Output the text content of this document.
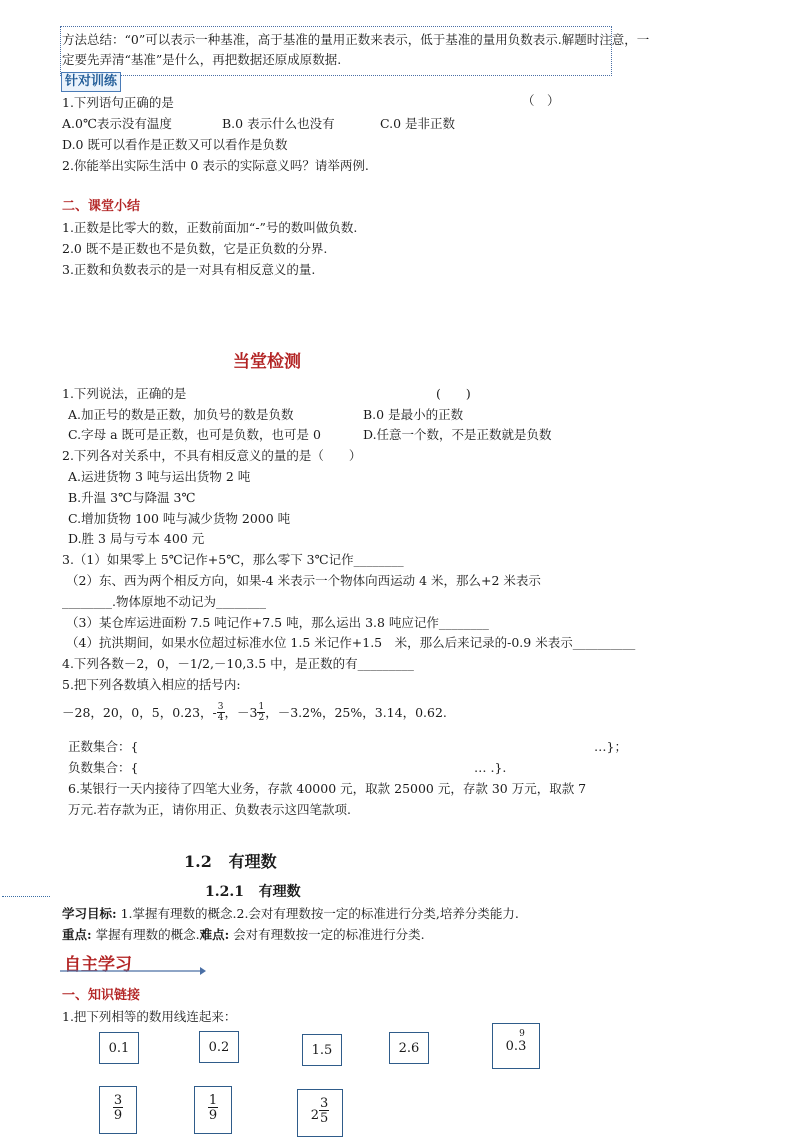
方法总结：“0”可以表示一种基准，高于基准的量用正数来表示，低于基准的量用负数表示.解题时注意，一
定要先弄清“基准”是什么，再把数据还原成原数据.
针对训练
1.下列语句正确的是	（　）
A.0℃表示没有温度	B.0 表示什么也没有	C.0 是非正数
D.0 既可以看作是正数又可以看作是负数
2.你能举出实际生活中 0 表示的实际意义吗？请举两例.
二、课堂小结
1.正数是比零大的数，正数前面加“-”号的数叫做负数.
2.0 既不是正数也不是负数，它是正负数的分界.
3.正数和负数表示的是一对具有相反意义的量.
当堂检测
1.下列说法，正确的是	(　　)
A.加正号的数是正数，加负号的数是负数	B.0 是最小的正数
C.字母 a 既可是正数，也可是负数，也可是 0	D.任意一个数，不是正数就是负数
2.下列各对关系中，不具有相反意义的量的是（　　）
A.运进货物 3 吨与运出货物 2 吨
B.升温 3℃与降温 3℃
C.增加货物 100 吨与减少货物 2000 吨
D.胜 3 局与亏本 400 元
3.（1）如果零上 5℃记作+5℃，那么零下 3℃记作________
（2）东、西为两个相反方向，如果-4 米表示一个物体向西运动 4 米，那么+2 米表示
________.物体原地不动记为________
（3）某仓库运进面粉 7.5 吨记作+7.5 吨，那么运出 3.8 吨应记作________
（4）抗洪期间，如果水位超过标准水位 1.5 米记作+1.5　米，那么后来记录的-0.9 米表示__________
4.下列各数－2，0，－1/2,－10,3.5 中，是正数的有_________
5.把下列各数填入相应的括号内:
－28，20，0，5，0.23，- $\frac{3}{4}$ ，$-3 \frac{1}{2}$ ，－3.2%，25%，3.14，0.62.
正数集合：{	…}；
负数集合：{	… .}.
6.某银行一天内接待了四笔大业务，存款 40000 元，取款 25000 元，存款 30 万元，取款 7
万元.若存款为正，请你用正、负数表示这四笔款项.
1.2 有理数
1.2.1 有理数
学习目标: 1.掌握有理数的概念.2.会对有理数按一定的标准进行分类,培养分类能力.
重点: 掌握有理数的概念.难点: 会对有理数按一定的标准进行分类.
自主学习
一、知识链接
1.把下列相等的数用线连起来：
0.1	0.2	1.5	2.6	0.
9
3
$\frac{3}{9}$	$\frac{1}{9}$	$2 \frac{3}{5}$
